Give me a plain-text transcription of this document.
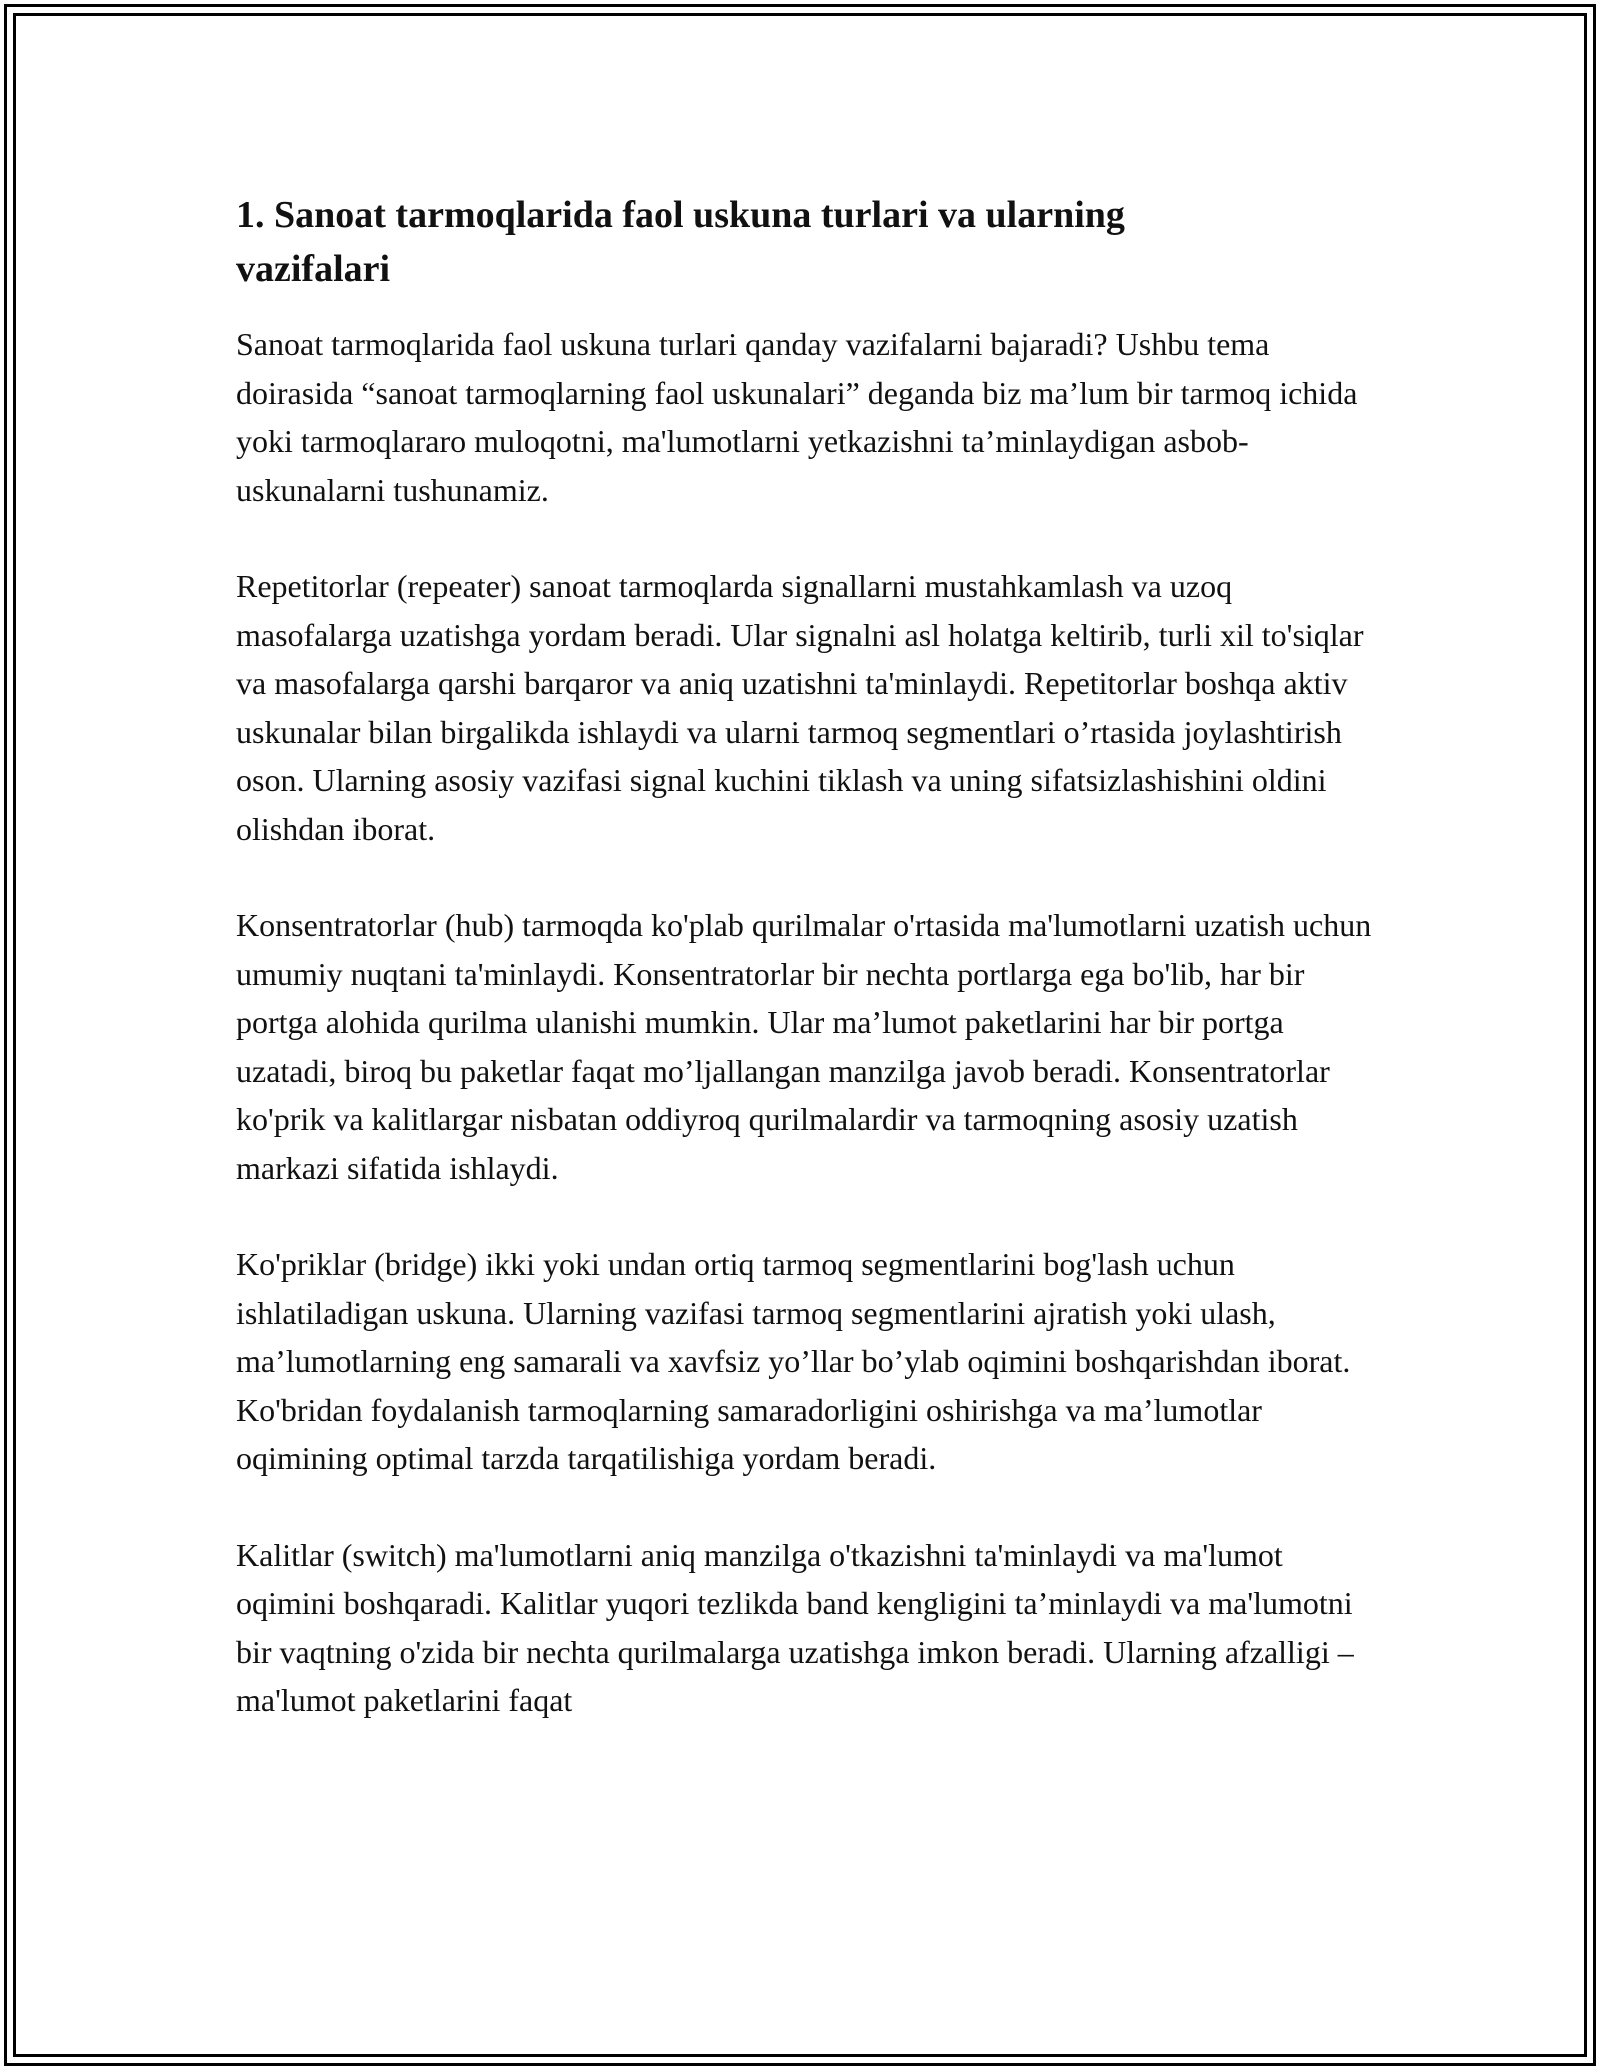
1. Sanoat tarmoqlarida faol uskuna turlari va ularning vazifalari

Sanoat tarmoqlarida faol uskuna turlari qanday vazifalarni bajaradi? Ushbu tema doirasida “sanoat tarmoqlarning faol uskunalari” deganda biz ma’lum bir tarmoq ichida yoki tarmoqlararo muloqotni, ma'lumotlarni yetkazishni ta’minlaydigan asbob-uskunalarni tushunamiz.

Repetitorlar (repeater) sanoat tarmoqlarda signallarni mustahkamlash va uzoq masofalarga uzatishga yordam beradi. Ular signalni asl holatga keltirib, turli xil to'siqlar va masofalarga qarshi barqaror va aniq uzatishni ta'minlaydi. Repetitorlar boshqa aktiv uskunalar bilan birgalikda ishlaydi va ularni tarmoq segmentlari o’rtasida joylashtirish oson. Ularning asosiy vazifasi signal kuchini tiklash va uning sifatsizlashishini oldini olishdan iborat.

Konsentratorlar (hub) tarmoqda ko'plab qurilmalar o'rtasida ma'lumotlarni uzatish uchun umumiy nuqtani ta'minlaydi. Konsentratorlar bir nechta portlarga ega bo'lib, har bir portga alohida qurilma ulanishi mumkin. Ular ma’lumot paketlarini har bir portga uzatadi, biroq bu paketlar faqat mo’ljallangan manzilga javob beradi. Konsentratorlar ko'prik va kalitlargar nisbatan oddiyroq qurilmalardir va tarmoqning asosiy uzatish markazi sifatida ishlaydi.

Ko'priklar (bridge) ikki yoki undan ortiq tarmoq segmentlarini bog'lash uchun ishlatiladigan uskuna. Ularning vazifasi tarmoq segmentlarini ajratish yoki ulash, ma’lumotlarning eng samarali va xavfsiz yo’llar bo’ylab oqimini boshqarishdan iborat. Ko'bridan foydalanish tarmoqlarning samaradorligini oshirishga va ma’lumotlar oqimining optimal tarzda tarqatilishiga yordam beradi.

Kalitlar (switch) ma'lumotlarni aniq manzilga o'tkazishni ta'minlaydi va ma'lumot oqimini boshqaradi. Kalitlar yuqori tezlikda band kengligini ta’minlaydi va ma'lumotni bir vaqtning o'zida bir nechta qurilmalarga uzatishga imkon beradi. Ularning afzalligi – ma'lumot paketlarini faqat
